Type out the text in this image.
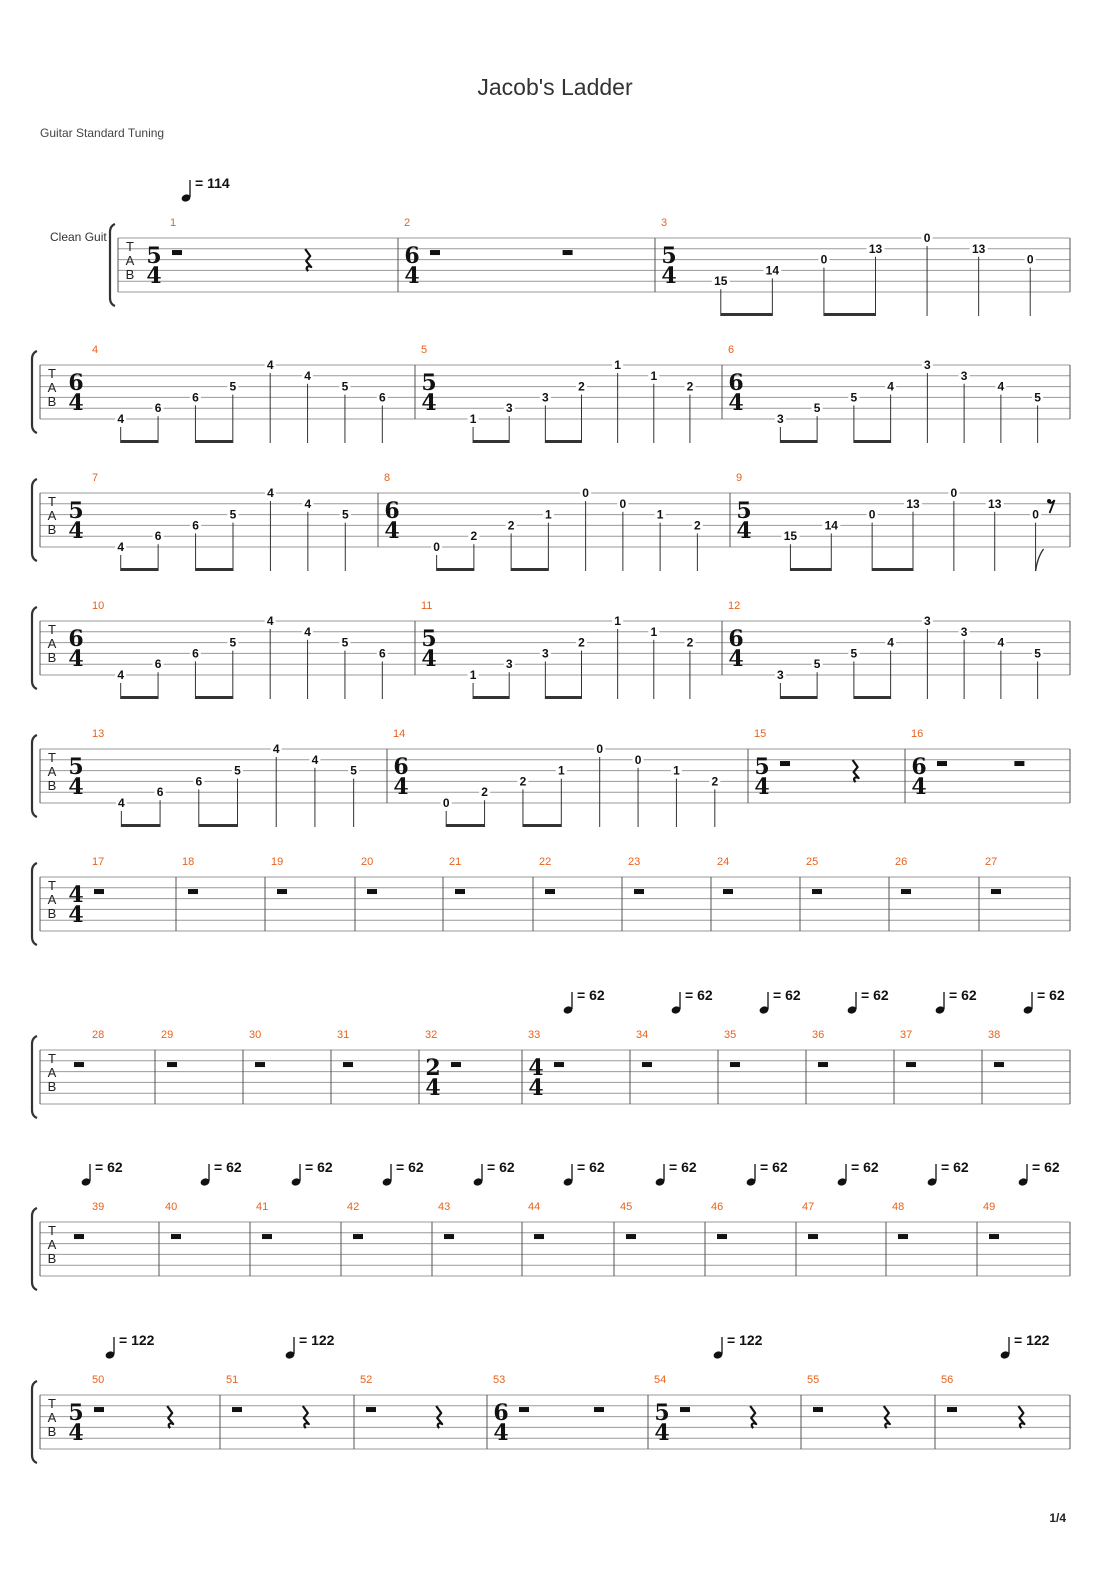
Jacob's Ladder
Guitar Standard Tuning
Clean Guit
1/4
T
A
B
1
5
4
2
6
4
3
5
4	15
14
0
13
0
13
0
= 114
T
A
B
4
6
4
4
6
6
5
4
4
5
6
5
5
4
1
3
3
2
1
1
2
6
6
4
3
5
5
4
3
3
4
5
T
A
B
7
5
4
4
6
6
5
4
4
5
8
6
4
0
2
2
1
0
0
1
2
9
5
4	15
14
0
13
0
13
0
T
A
B
10
6
4
4
6
6
5
4
4
5
6
11
5
4
1
3
3
2
1
1
2
12
6
4
3
5
5
4
3
3
4
5
T
A
B
13
5
4
4
6
6
5
4
4
5
14
6
4
0
2
2
1
0
0
1
2
15
5
4
16
6
4
T
A
B
17
4
4
18	19	20	21	22	23	24	25	26	27
T
A
B
28	29	30	31	32
2
4
33
4
4
34	35	36	37	38
= 62	= 62	= 62	= 62	= 62	= 62
T
A
B
39	40	41	42	43	44	45	46	47	48	49
= 62	= 62	= 62	= 62	= 62	= 62	= 62	= 62	= 62	= 62	= 62
T
A
B
50
5
4
51	52	53
6
4
54
5
4
55	56
= 122	= 122	= 122	= 122
